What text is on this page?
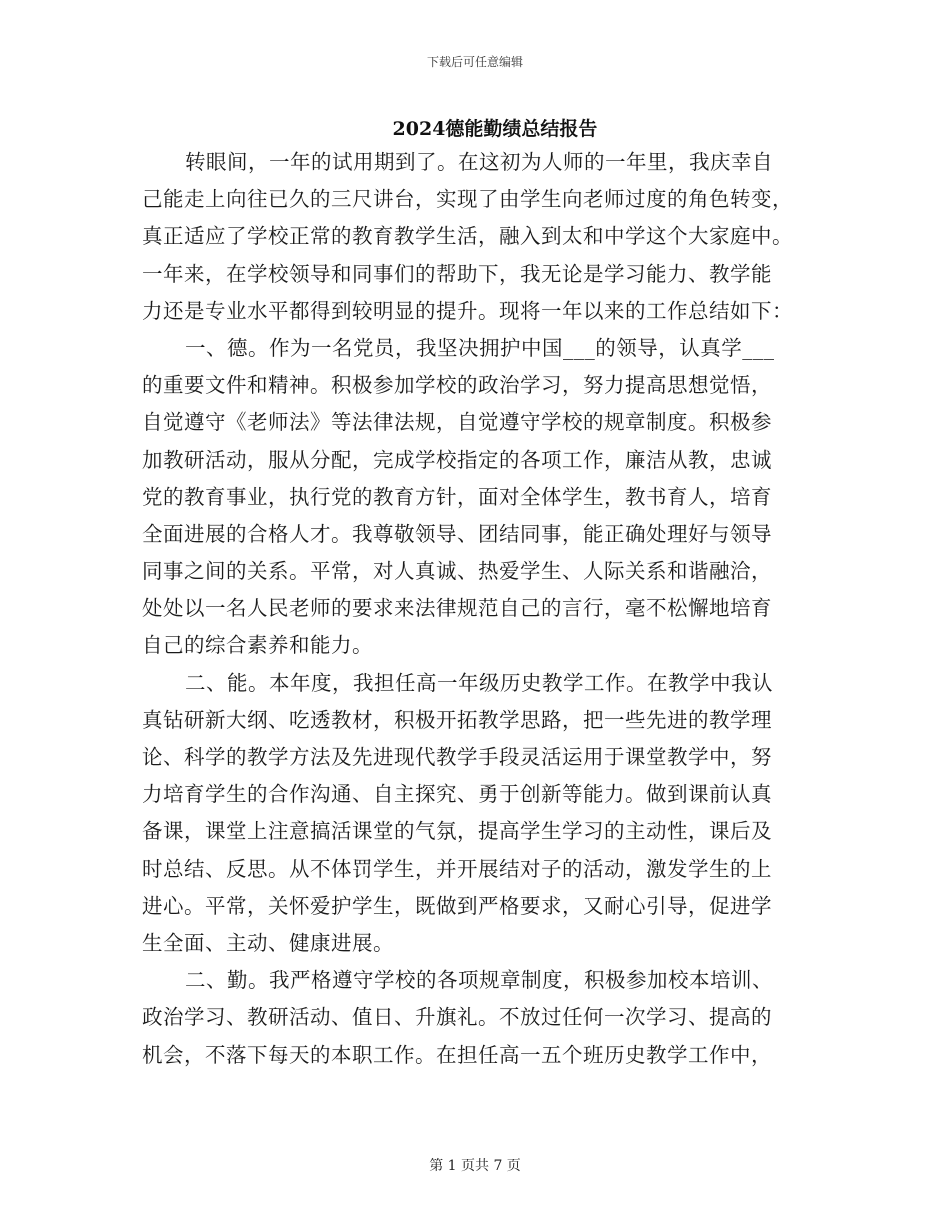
下载后可任意编辑
2024德能勤绩总结报告

转眼间，一年的试用期到了。在这初为人师的一年里，我庆幸自
己能走上向往已久的三尺讲台，实现了由学生向老师过度的角色转变，
真正适应了学校正常的教育教学生活，融入到太和中学这个大家庭中。
一年来，在学校领导和同事们的帮助下，我无论是学习能力、教学能
力还是专业水平都得到较明显的提升。现将一年以来的工作总结如下：

一、德。作为一名党员，我坚决拥护中国___的领导，认真学___
的重要文件和精神。积极参加学校的政治学习，努力提高思想觉悟，
自觉遵守《老师法》等法律法规，自觉遵守学校的规章制度。积极参
加教研活动，服从分配，完成学校指定的各项工作，廉洁从教，忠诚
党的教育事业，执行党的教育方针，面对全体学生，教书育人，培育
全面进展的合格人才。我尊敬领导、团结同事，能正确处理好与领导
同事之间的关系。平常，对人真诚、热爱学生、人际关系和谐融洽，
处处以一名人民老师的要求来法律规范自己的言行，毫不松懈地培育
自己的综合素养和能力。

二、能。本年度，我担任高一年级历史教学工作。在教学中我认
真钻研新大纲、吃透教材，积极开拓教学思路，把一些先进的教学理
论、科学的教学方法及先进现代教学手段灵活运用于课堂教学中，努
力培育学生的合作沟通、自主探究、勇于创新等能力。做到课前认真
备课，课堂上注意搞活课堂的气氛，提高学生学习的主动性，课后及
时总结、反思。从不体罚学生，并开展结对子的活动，激发学生的上
进心。平常，关怀爱护学生，既做到严格要求，又耐心引导，促进学
生全面、主动、健康进展。

二、勤。我严格遵守学校的各项规章制度，积极参加校本培训、
政治学习、教研活动、值日、升旗礼。不放过任何一次学习、提高的
机会，不落下每天的本职工作。在担任高一五个班历史教学工作中，

第 1 页共 7 页
